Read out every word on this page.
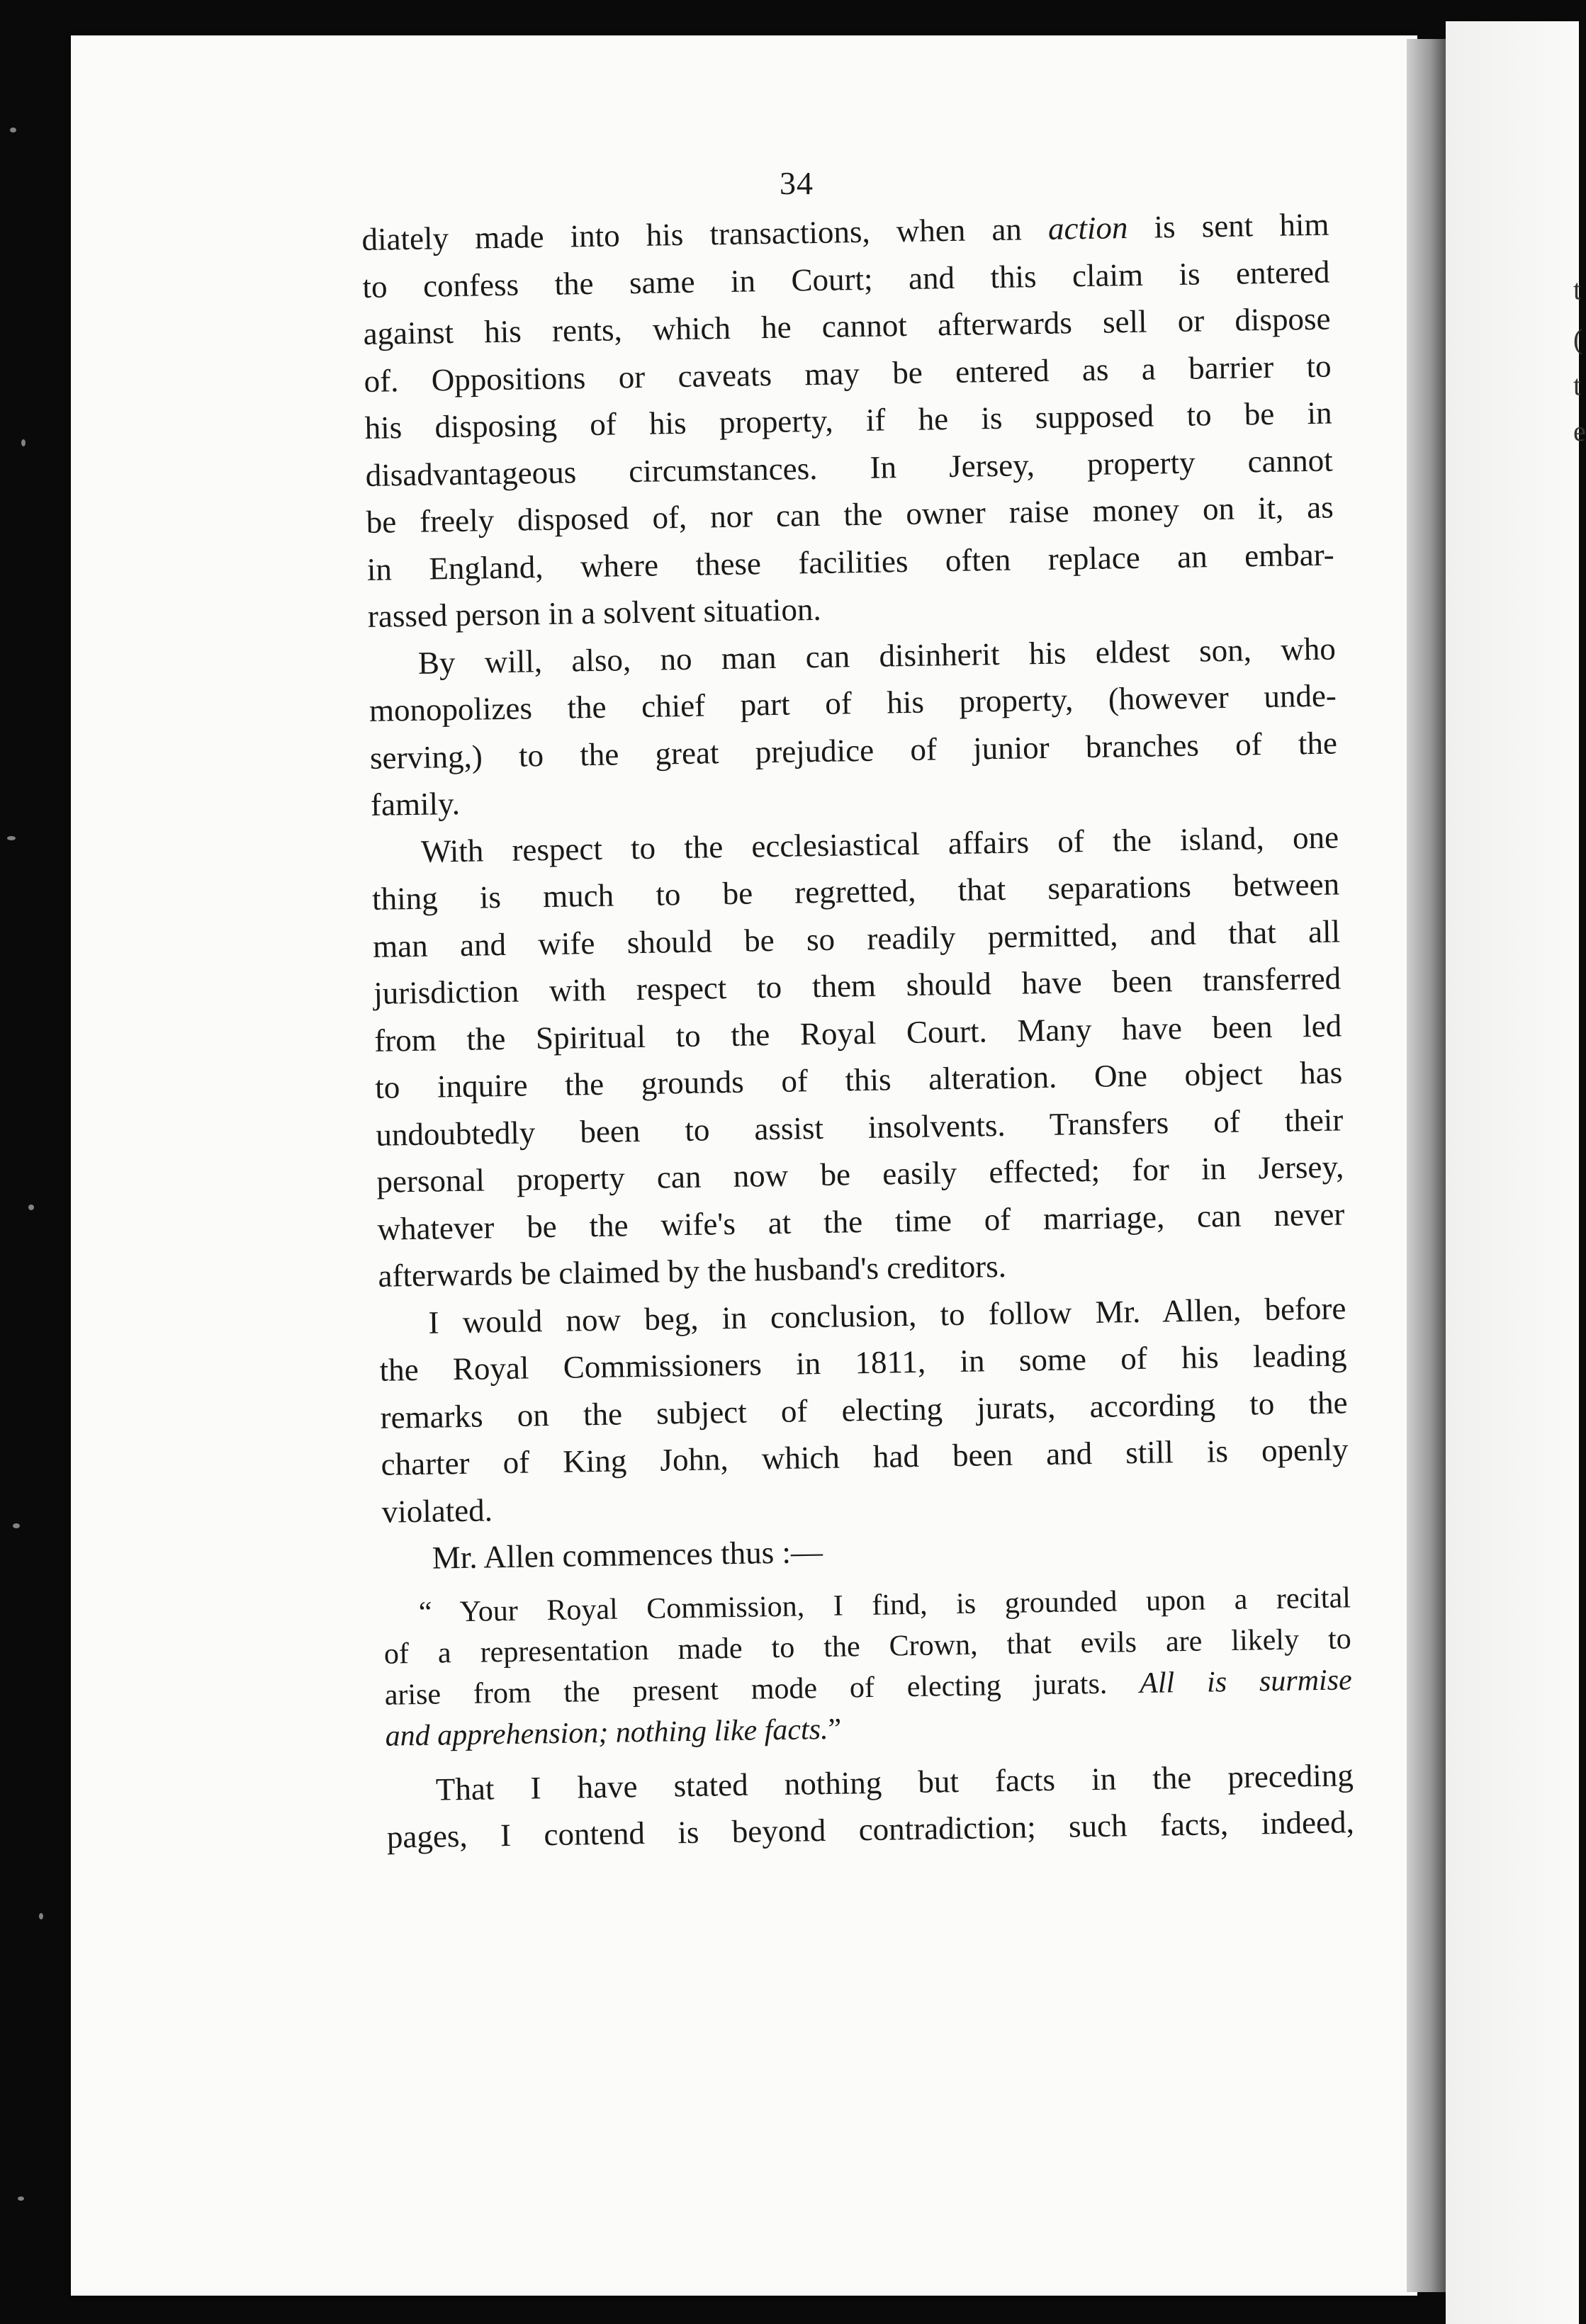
t
(
t
e
34
diately made into his transactions, when an action is sent him
to confess the same in Court; and this claim is entered
against his rents, which he cannot afterwards sell or dispose
of. Oppositions or caveats may be entered as a barrier to
his disposing of his property, if he is supposed to be in
disadvantageous circumstances. In Jersey, property cannot
be freely disposed of, nor can the owner raise money on it, as
in England, where these facilities often replace an embar-
rassed person in a solvent situation.
By will, also, no man can disinherit his eldest son, who
monopolizes the chief part of his property, (however unde-
serving,) to the great prejudice of junior branches of the
family.
With respect to the ecclesiastical affairs of the island, one
thing is much to be regretted, that separations between
man and wife should be so readily permitted, and that all
jurisdiction with respect to them should have been transferred
from the Spiritual to the Royal Court. Many have been led
to inquire the grounds of this alteration. One object has
undoubtedly been to assist insolvents. Transfers of their
personal property can now be easily effected; for in Jersey,
whatever be the wife's at the time of marriage, can never
afterwards be claimed by the husband's creditors.
I would now beg, in conclusion, to follow Mr. Allen, before
the Royal Commissioners in 1811, in some of his leading
remarks on the subject of electing jurats, according to the
charter of King John, which had been and still is openly
violated.
Mr. Allen commences thus :—
“ Your Royal Commission, I find, is grounded upon a recital
of a representation made to the Crown, that evils are likely to
arise from the present mode of electing jurats. All is surmise
and apprehension; nothing like facts.”
That I have stated nothing but facts in the preceding
pages, I contend is beyond contradiction; such facts, indeed,
